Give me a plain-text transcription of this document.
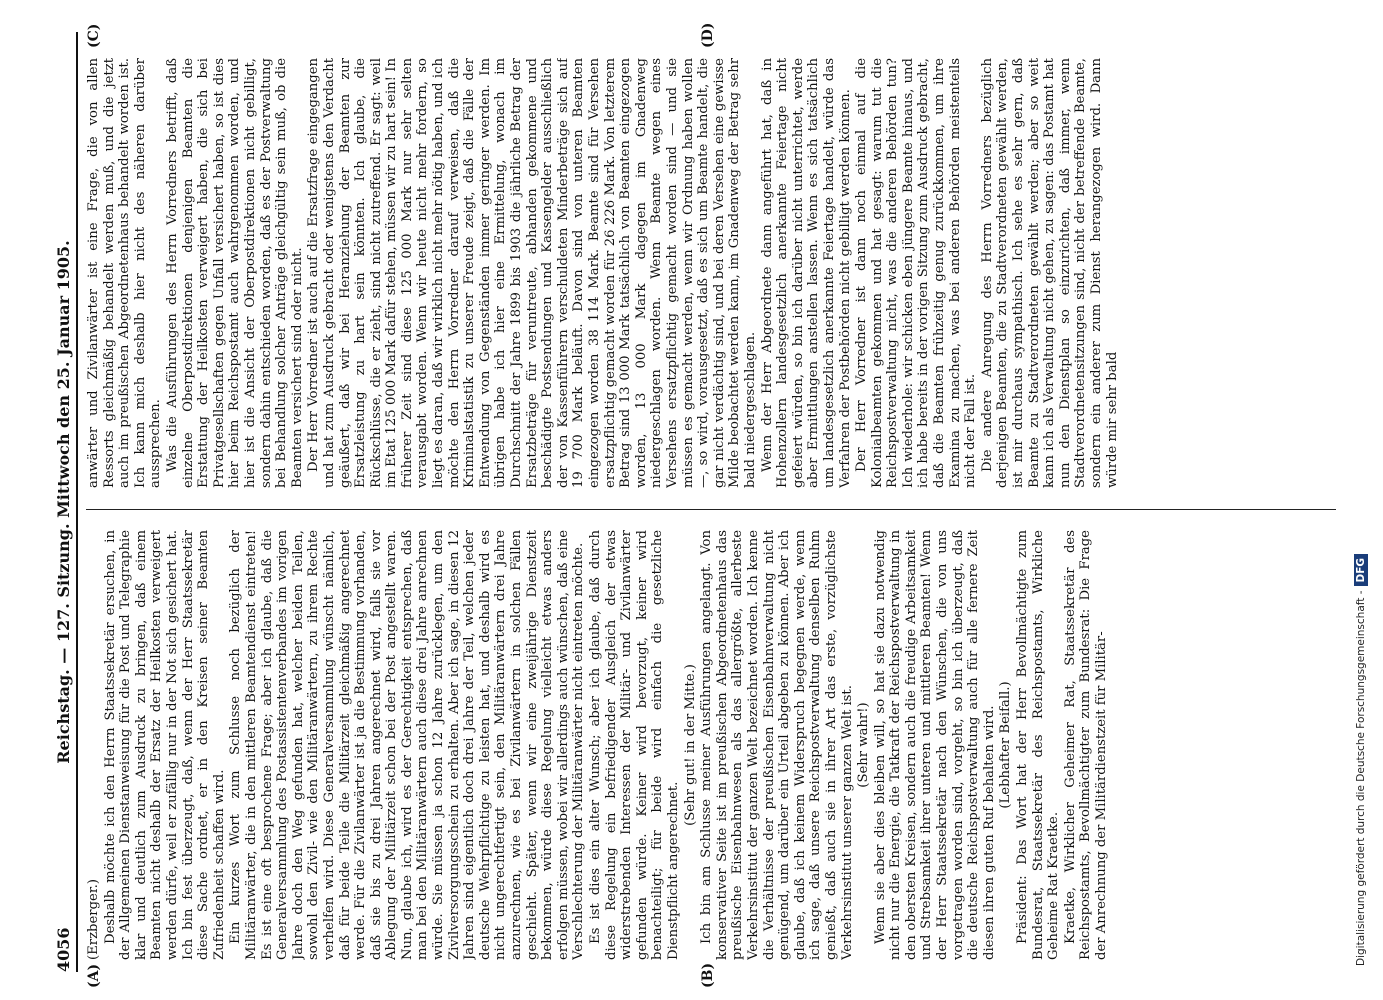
4056
Reichstag. — 127. Sitzung. Mittwoch den 25. Januar 1905.
(A)	(B)
(C)	(D)

(Erzberger.) Deshalb möchte ich den Herrn Staatssekretär ersuchen, in der Allgemeinen Dienstanweisung für die Post und Telegraphie klar und deutlich zum Ausdruck zu bringen, daß einem Beamten nicht deshalb der Ersatz der Heilkosten verweigert werden dürfe, weil er zufällig nur in der Not sich gesichert hat. Ich bin fest überzeugt, daß, wenn der Herr Staatssekretär diese Sache ordnet, er in den Kreisen seiner Beamten Zufriedenheit schaffen wird. Ein kurzes Wort zum Schlusse noch bezüglich der Militäranwärter, die in den mittleren Beamtendienst eintreten! Es ist eine oft besprochene Frage; aber ich glaube, daß die Generalversammlung des Postassistentenverbandes im vorigen Jahre doch den Weg gefunden hat, welcher beiden Teilen, sowohl den Zivil- wie den Militäranwärtern, zu ihrem Rechte verhelfen wird. Diese Generalversammlung wünscht nämlich, daß für beide Teile die Militärzeit gleichmäßig angerechnet werde. Für die Zivilanwärter ist ja die Bestimmung vorhanden, daß sie bis zu drei Jahren angerechnet wird, falls sie vor Ablegung der Militärzeit schon bei der Post angestellt waren. Nun, glaube ich, wird es der Gerechtigkeit entsprechen, daß man bei den Militäranwärtern auch diese drei Jahre anrechnen würde. Sie müssen ja schon 12 Jahre zurücklegen, um den Zivilversorgungsschein zu erhalten. Aber ich sage, in diesen 12 Jahren sind eigentlich doch drei Jahre der Teil, welchen jeder deutsche Wehrpflichtige zu leisten hat, und deshalb wird es nicht ungerechtfertigt sein, den Militäranwärtern drei Jahre anzurechnen, wie es bei Zivilanwärtern in solchen Fällen geschieht. Später, wenn wir eine zweijährige Dienstzeit bekommen, würde diese Regelung vielleicht etwas anders erfolgen müssen, wobei wir allerdings auch wünschen, daß eine Verschlechterung der Militäranwärter nicht eintreten möchte. Es ist dies ein alter Wunsch; aber ich glaube, daß durch diese Regelung ein befriedigender Ausgleich der etwas widerstrebenden Interessen der Militär- und Zivilanwärter gefunden würde. Keiner wird bevorzugt, keiner wird benachteiligt; für beide wird einfach die gesetzliche Dienstpflicht angerechnet.

(Sehr gut! in der Mitte.) Ich bin am Schlusse meiner Ausführungen angelangt. Von konservativer Seite ist im preußischen Abgeordnetenhaus das preußische Eisenbahnwesen als das allergrößte, allerbeste Verkehrsinstitut der ganzen Welt bezeichnet worden. Ich kenne die Verhältnisse der preußischen Eisenbahnverwaltung nicht genügend, um darüber ein Urteil abgeben zu können. Aber ich glaube, daß ich keinem Widerspruch begegnen werde, wenn ich sage, daß unsere Reichspostverwaltung denselben Ruhm genießt, daß auch sie in ihrer Art das erste, vorzüglichste Verkehrsinstitut unserer ganzen Welt ist. (Sehr wahr!) Wenn sie aber dies bleiben will, so hat sie dazu notwendig nicht nur die Energie, die Tatkraft der Reichspostverwaltung in den obersten Kreisen, sondern auch die freudige Arbeitsamkeit und Strebsamkeit ihrer unteren und mittleren Beamten! Wenn der Herr Staatssekretär nach den Wünschen, die von uns vorgetragen worden sind, vorgeht, so bin ich überzeugt, daß die deutsche Reichspostverwaltung auch für alle fernere Zeit diesen ihren guten Ruf behalten wird. (Lebhafter Beifall.) Präsident: Das Wort hat der Herr Bevollmächtigte zum Bundesrat, Staatssekretär des Reichspostamts, Wirkliche Geheime Rat Kraetke. Kraetke, Wirklicher Geheimer Rat, Staatssekretär des Reichspostamts, Bevollmächtigter zum Bundesrat: Die Frage der Anrechnung der Militärdienstzeit für Militär-

anwärter und Zivilanwärter ist eine Frage, die von allen Ressorts gleichmäßig behandelt werden muß, und die jetzt auch im preußischen Abgeordnetenhaus behandelt worden ist. Ich kann mich deshalb hier nicht des näheren darüber aussprechen. Was die Ausführungen des Herrn Vorredners betrifft, daß einzelne Oberpostdirektionen denjenigen Beamten die Erstattung der Heilkosten verweigert haben, die sich bei Privatgesellschaften gegen Unfall versichert haben, so ist dies hier beim Reichspostamt auch wahrgenommen worden, und hier ist die Ansicht der Oberpostdirektionen nicht gebilligt, sondern dahin entschieden worden, daß es der Postverwaltung bei Behandlung solcher Anträge gleichgültig sein muß, ob die Beamten versichert sind oder nicht. Der Herr Vorredner ist auch auf die Ersatzfrage eingegangen und hat zum Ausdruck gebracht oder wenigstens den Verdacht geäußert, daß wir bei Heranziehung der Beamten zur Ersatzleistung zu hart sein könnten. Ich glaube, die Rückschlüsse, die er zieht, sind nicht zutreffend. Er sagt: weil im Etat 125 000 Mark dafür stehen, müssen wir zu hart sein! In früherer Zeit sind diese 125 000 Mark nur sehr selten verausgabt worden. Wenn wir heute nicht mehr fordern, so liegt es daran, daß wir wirklich nicht mehr nötig haben, und ich möchte den Herrn Vorredner darauf verweisen, daß die Kriminalstatistik zu unserer Freude zeigt, daß die Fälle der Entwendung von Gegenständen immer geringer werden. Im übrigen habe ich hier eine Ermittelung, wonach im Durchschnitt der Jahre 1899 bis 1903 die jährliche Betrag der Ersatzbeträge für veruntreute, abhanden gekommene und beschädigte Postsendungen und Kassengelder ausschließlich der von Kassenführern verschuldeten Minderbeträge sich auf 19 700 Mark beläuft. Davon sind von unteren Beamten eingezogen worden 38 114 Mark. Beamte sind für Versehen ersatzpflichtig gemacht worden für 26 226 Mark. Von letzterem Betrag sind 13 000 Mark tatsächlich von Beamten eingezogen worden, 13 000 Mark dagegen im Gnadenweg niedergeschlagen worden. Wenn Beamte wegen eines Versehens ersatzpflichtig gemacht worden sind — und sie müssen es gemacht werden, wenn wir Ordnung haben wollen —, so wird, vorausgesetzt, daß es sich um Beamte handelt, die gar nicht verdächtig sind, und bei deren Versehen eine gewisse Milde beobachtet werden kann, im Gnadenweg der Betrag sehr bald niedergeschlagen. Wenn der Herr Abgeordnete dann angeführt hat, daß in Hohenzollern landesgesetzlich anerkannte Feiertage nicht gefeiert würden, so bin ich darüber nicht unterrichtet, werde aber Ermittlungen anstellen lassen. Wenn es sich tatsächlich um landesgesetzlich anerkannte Feiertage handelt, würde das Verfahren der Postbehörden nicht gebilligt werden können. Der Herr Vorredner ist dann noch einmal auf die Kolonialbeamten gekommen und hat gesagt: warum tut die Reichspostverwaltung nicht, was die anderen Behörden tun? Ich wiederhole: wir schicken eben jüngere Beamte hinaus, und ich habe bereits in der vorigen Sitzung zum Ausdruck gebracht, daß die Beamten frühzeitig genug zurückkommen, um ihre Examina zu machen, was bei anderen Behörden meistenteils nicht der Fall ist. Die andere Anregung des Herrn Vorredners bezüglich derjenigen Beamten, die zu Stadtverordneten gewählt werden, ist mir durchaus sympathisch. Ich sehe es sehr gern, daß Beamte zu Stadtverordneten gewählt werden; aber so weit kann ich als Verwaltung nicht gehen, zu sagen: das Postamt hat nun den Dienstplan so einzurichten, daß immer, wenn Stadtverordnetensitzungen sind, nicht der betreffende Beamte, sondern ein anderer zum Dienst herangezogen wird. Dann würde mir sehr bald

Digitalisierung gefördert durch die Deutsche Forschungsgemeinschaft -DFG
